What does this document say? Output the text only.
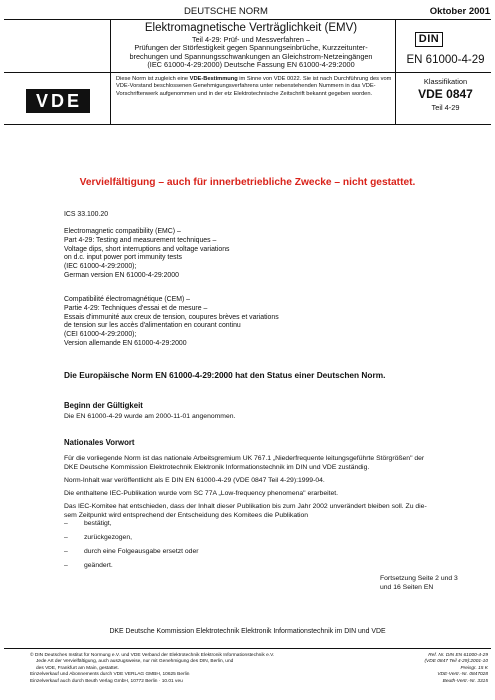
DEUTSCHE NORM	Oktober 2001
Elektromagnetische Verträglichkeit (EMV)
Teil 4-29: Prüf- und Messverfahren –
Prüfungen der Störfestigkeit gegen Spannungseinbrüche, Kurzzeitunter-
brechungen und Spannungsschwankungen an Gleichstrom-Netzeingängen
(IEC 61000-4-29:2000) Deutsche Fassung EN 61000-4-29:2000
DIN
EN 61000-4-29
VDE
Diese Norm ist zugleich eine VDE-Bestimmung im Sinne von VDE 0022. Sie ist nach Durchführung des vom VDE-Vorstand beschlossenen Genehmigungsverfahrens unter nebenstehenden Nummern in das VDE-Vorschriftenwerk aufgenommen und in der etz Elektrotechnische Zeitschrift bekannt gegeben worden.
Klassifikation
VDE 0847
Teil 4-29
Vervielfältigung – auch für innerbetriebliche Zwecke – nicht gestattet.
ICS 33.100.20
Electromagnetic compatibility (EMC) –
Part 4-29: Testing and measurement techniques –
Voltage dips, short interruptions and voltage variations
on d.c. input power port immunity tests
(IEC 61000-4-29:2000);
German version EN 61000-4-29:2000
Compatibilité électromagnétique (CEM) –
Partie 4-29: Techniques d'essai et de mesure –
Essais d'immunité aux creux de tension, coupures brèves et variations
de tension sur les accès d'alimentation en courant continu
(CEI 61000-4-29:2000);
Version allemande EN 61000-4-29:2000
Die Europäische Norm EN 61000-4-29:2000 hat den Status einer Deutschen Norm.
Beginn der Gültigkeit
Die EN 61000-4-29 wurde am 2000-11-01 angenommen.
Nationales Vorwort
Für die vorliegende Norm ist das nationale Arbeitsgremium UK 767.1 „Niederfrequente leitungsgeführte Störgrößen" der
DKE Deutsche Kommission Elektrotechnik Elektronik Informationstechnik im DIN und VDE zuständig.
Norm-Inhalt war veröffentlicht als E DIN EN 61000-4-29 (VDE 0847 Teil 4-29):1999-04.
Die enthaltene IEC-Publikation wurde vom SC 77A „Low-frequency phenomena" erarbeitet.
Das IEC-Komitee hat entschieden, dass der Inhalt dieser Publikation bis zum Jahr 2002 unverändert bleiben soll. Zu die-
sem Zeitpunkt wird entsprechend der Entscheidung des Komitees die Publikation
– bestätigt,
– zurückgezogen,
– durch eine Folgeausgabe ersetzt oder
– geändert.
Fortsetzung Seite 2 und 3
und 16 Seiten EN
DKE Deutsche Kommission Elektrotechnik Elektronik Informationstechnik im DIN und VDE
© DIN Deutsches Institut für Normung e.V. und VDE Verband der Elektrotechnik Elektronik Informationstechnik e.V.
Jede Art der Vervielfältigung, auch auszugsweise, nur mit Genehmigung des DIN, Berlin, und
des VDE, Frankfurt am Main, gestattet.
Einzelverkauf und Abonnements durch VDE VERLAG GMBH, 10625 Berlin
Einzelverkauf auch durch Beuth Verlag GmbH, 10772 Berlin · 10.01 veu
Ref. Nr. DIN EN 61000-4-29
(VDE 0847 Teil 4-29):2001-10
Preisgr. 15 K
VDE-Vertr.-Nr. 0847028
Beuth-Vertr.-Nr. 3315
